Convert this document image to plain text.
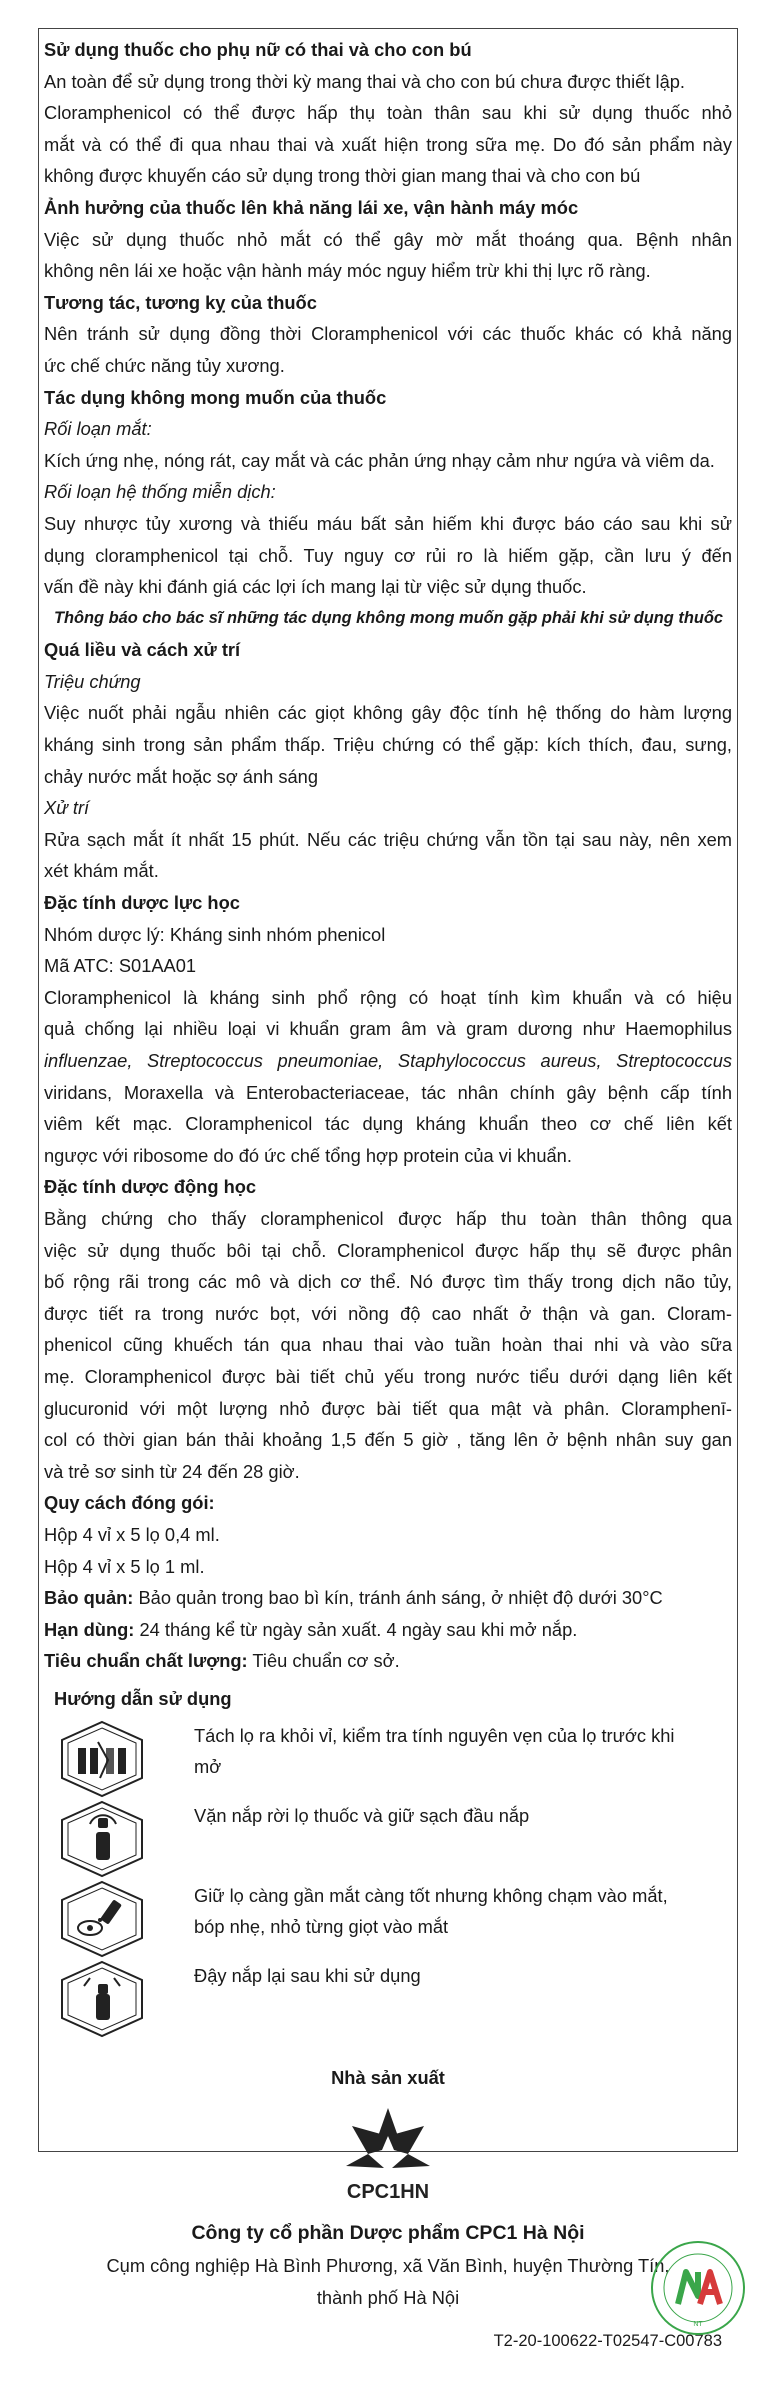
Sử dụng thuốc cho phụ nữ có thai và cho con bú
An toàn để sử dụng trong thời kỳ mang thai và cho con bú chưa được thiết lập.
Cloramphenicol có thể được hấp thụ toàn thân sau khi sử dụng thuốc nhỏ
mắt và có thể đi qua nhau thai và xuất hiện trong sữa mẹ. Do đó sản phẩm này
không được khuyến cáo sử dụng trong thời gian mang thai và cho con bú
Ảnh hưởng của thuốc lên khả năng lái xe, vận hành máy móc
Việc sử dụng thuốc nhỏ mắt có thể gây mờ mắt thoáng qua. Bệnh nhân
không nên lái xe hoặc vận hành máy móc nguy hiểm trừ khi thị lực rõ ràng.
Tương tác, tương kỵ của thuốc
Nên tránh sử dụng đồng thời Cloramphenicol với các thuốc khác có khả năng
ức chế chức năng tủy xương.
Tác dụng không mong muốn của thuốc
Rối loạn mắt:
Kích ứng nhẹ, nóng rát, cay mắt và các phản ứng nhạy cảm như ngứa và viêm da.
Rối loạn hệ thống miễn dịch:
Suy nhược tủy xương và thiếu máu bất sản hiếm khi được báo cáo sau khi sử
dụng cloramphenicol tại chỗ. Tuy nguy cơ rủi ro là hiếm gặp, cần lưu ý đến
vấn đề này khi đánh giá các lợi ích mang lại từ việc sử dụng thuốc.
Thông báo cho bác sĩ những tác dụng không mong muốn gặp phải khi sử dụng thuốc
Quá liều và cách xử trí
Triệu chứng
Việc nuốt phải ngẫu nhiên các giọt không gây độc tính hệ thống do hàm lượng
kháng sinh trong sản phẩm thấp. Triệu chứng có thể gặp: kích thích, đau, sưng,
chảy nước mắt hoặc sợ ánh sáng
Xử trí
Rửa sạch mắt ít nhất 15 phút. Nếu các triệu chứng vẫn tồn tại sau này, nên xem
xét khám mắt.
Đặc tính dược lực học
Nhóm dược lý: Kháng sinh nhóm phenicol
Mã ATC: S01AA01
Cloramphenicol là kháng sinh phổ rộng có hoạt tính kìm khuẩn và có hiệu
quả chống lại nhiều loại vi khuẩn gram âm và gram dương như Haemophilus
influenzae, Streptococcus pneumoniae, Staphylococcus aureus, Streptococcus
viridans, Moraxella và Enterobacteriaceae, tác nhân chính gây bệnh cấp tính
viêm kết mạc. Cloramphenicol tác dụng kháng khuẩn theo cơ chế liên kết
ngược với ribosome do đó ức chế tổng hợp protein của vi khuẩn.
Đặc tính dược động học
Bằng chứng cho thấy cloramphenicol được hấp thu toàn thân thông qua
việc sử dụng thuốc bôi tại chỗ. Cloramphenicol được hấp thụ sẽ được phân
bố rộng rãi trong các mô và dịch cơ thể. Nó được tìm thấy trong dịch não tủy,
được tiết ra trong nước bọt, với nồng độ cao nhất ở thận và gan. Cloram-
phenicol cũng khuếch tán qua nhau thai vào tuần hoàn thai nhi và vào sữa
mẹ. Cloramphenicol được bài tiết chủ yếu trong nước tiểu dưới dạng liên kết
glucuronid với một lượng nhỏ được bài tiết qua mật và phân. Cloramphenī-
col có thời gian bán thải khoảng 1,5 đến 5 giờ , tăng lên ở bệnh nhân suy gan
và trẻ sơ sinh từ 24 đến 28 giờ.
Quy cách đóng gói:
Hộp 4 vỉ x 5 lọ 0,4 ml.
Hộp 4 vỉ x 5 lọ 1 ml.
Bảo quản: Bảo quản trong bao bì kín, tránh ánh sáng, ở nhiệt độ dưới 30°C
Hạn dùng: 24 tháng kể từ ngày sản xuất. 4 ngày sau khi mở nắp.
Tiêu chuẩn chất lượng: Tiêu chuẩn cơ sở.
Hướng dẫn sử dụng
Tách lọ ra khỏi vỉ, kiểm tra tính nguyên vẹn của lọ trước khi mở
Vặn nắp rời lọ thuốc và giữ sạch đầu nắp
Giữ lọ càng gần mắt càng tốt nhưng không chạm vào mắt, bóp nhẹ, nhỏ từng giọt vào mắt
Đậy nắp lại sau khi sử dụng
Nhà sản xuất
CPC1HN
Công ty cổ phần Dược phẩm CPC1 Hà Nội
Cụm công nghiệp Hà Bình Phương, xã Văn Bình, huyện Thường Tín,
thành phố Hà Nội
T2-20-100622-T02547-C00783
NT
